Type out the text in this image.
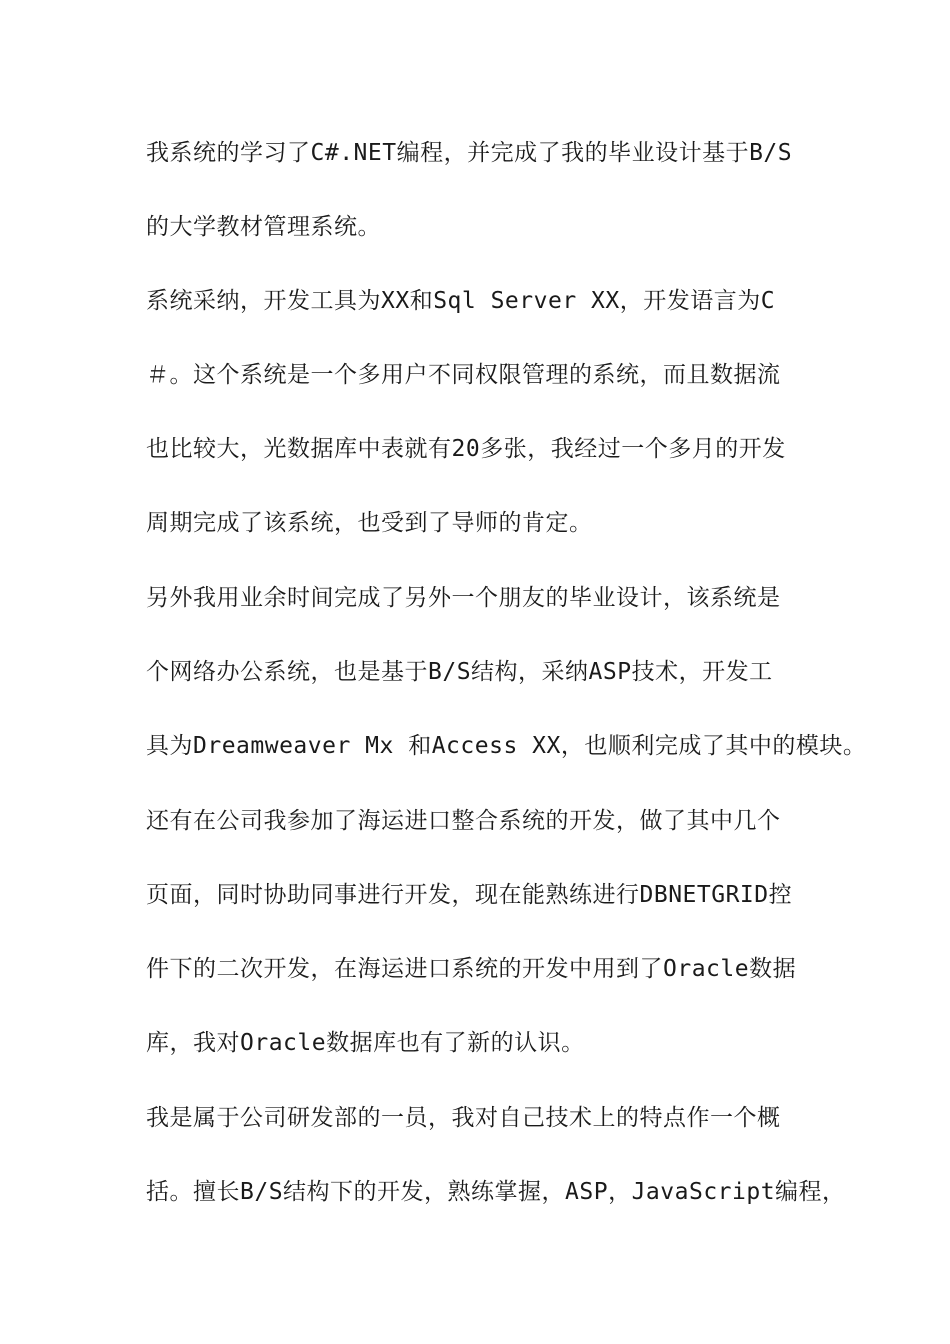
我系统的学习了C#.NET编程，并完成了我的毕业设计基于B/S
的大学教材管理系统。
系统采纳，开发工具为XX和Sql Server XX，开发语言为C
＃。这个系统是一个多用户不同权限管理的系统，而且数据流
也比较大，光数据库中表就有20多张，我经过一个多月的开发
周期完成了该系统，也受到了导师的肯定。
另外我用业余时间完成了另外一个朋友的毕业设计，该系统是
个网络办公系统，也是基于B/S结构，采纳ASP技术，开发工
具为Dreamweaver Mx 和Access XX，也顺利完成了其中的模块。
还有在公司我参加了海运进口整合系统的开发，做了其中几个
页面，同时协助同事进行开发，现在能熟练进行DBNETGRID控
件下的二次开发，在海运进口系统的开发中用到了Oracle数据
库，我对Oracle数据库也有了新的认识。
我是属于公司研发部的一员，我对自己技术上的特点作一个概
括。擅长B/S结构下的开发，熟练掌握，ASP，JavaScript编程，
